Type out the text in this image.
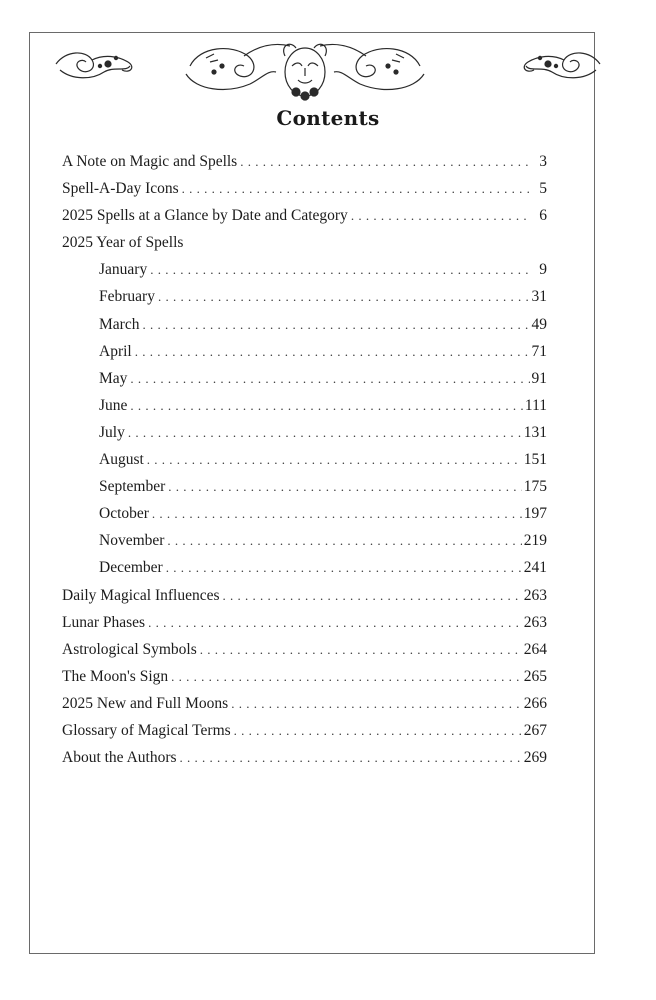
Contents
A Note on Magic and Spells . . .	3
Spell-A-Day Icons . . .	5
2025 Spells at a Glance by Date and Category . . .	6
2025 Year of Spells
January . . .	9
February . . .	31
March . . .	49
April . . .	71
May . . .	91
June . . .	111
July . . .	131
August . . .	151
September . . .	175
October . . .	197
November . . .	219
December . . .	241
Daily Magical Influences . . .	263
Lunar Phases . . .	263
Astrological Symbols . . .	264
The Moon's Sign . . .	265
2025 New and Full Moons . . .	266
Glossary of Magical Terms . . .	267
About the Authors . . .	269
